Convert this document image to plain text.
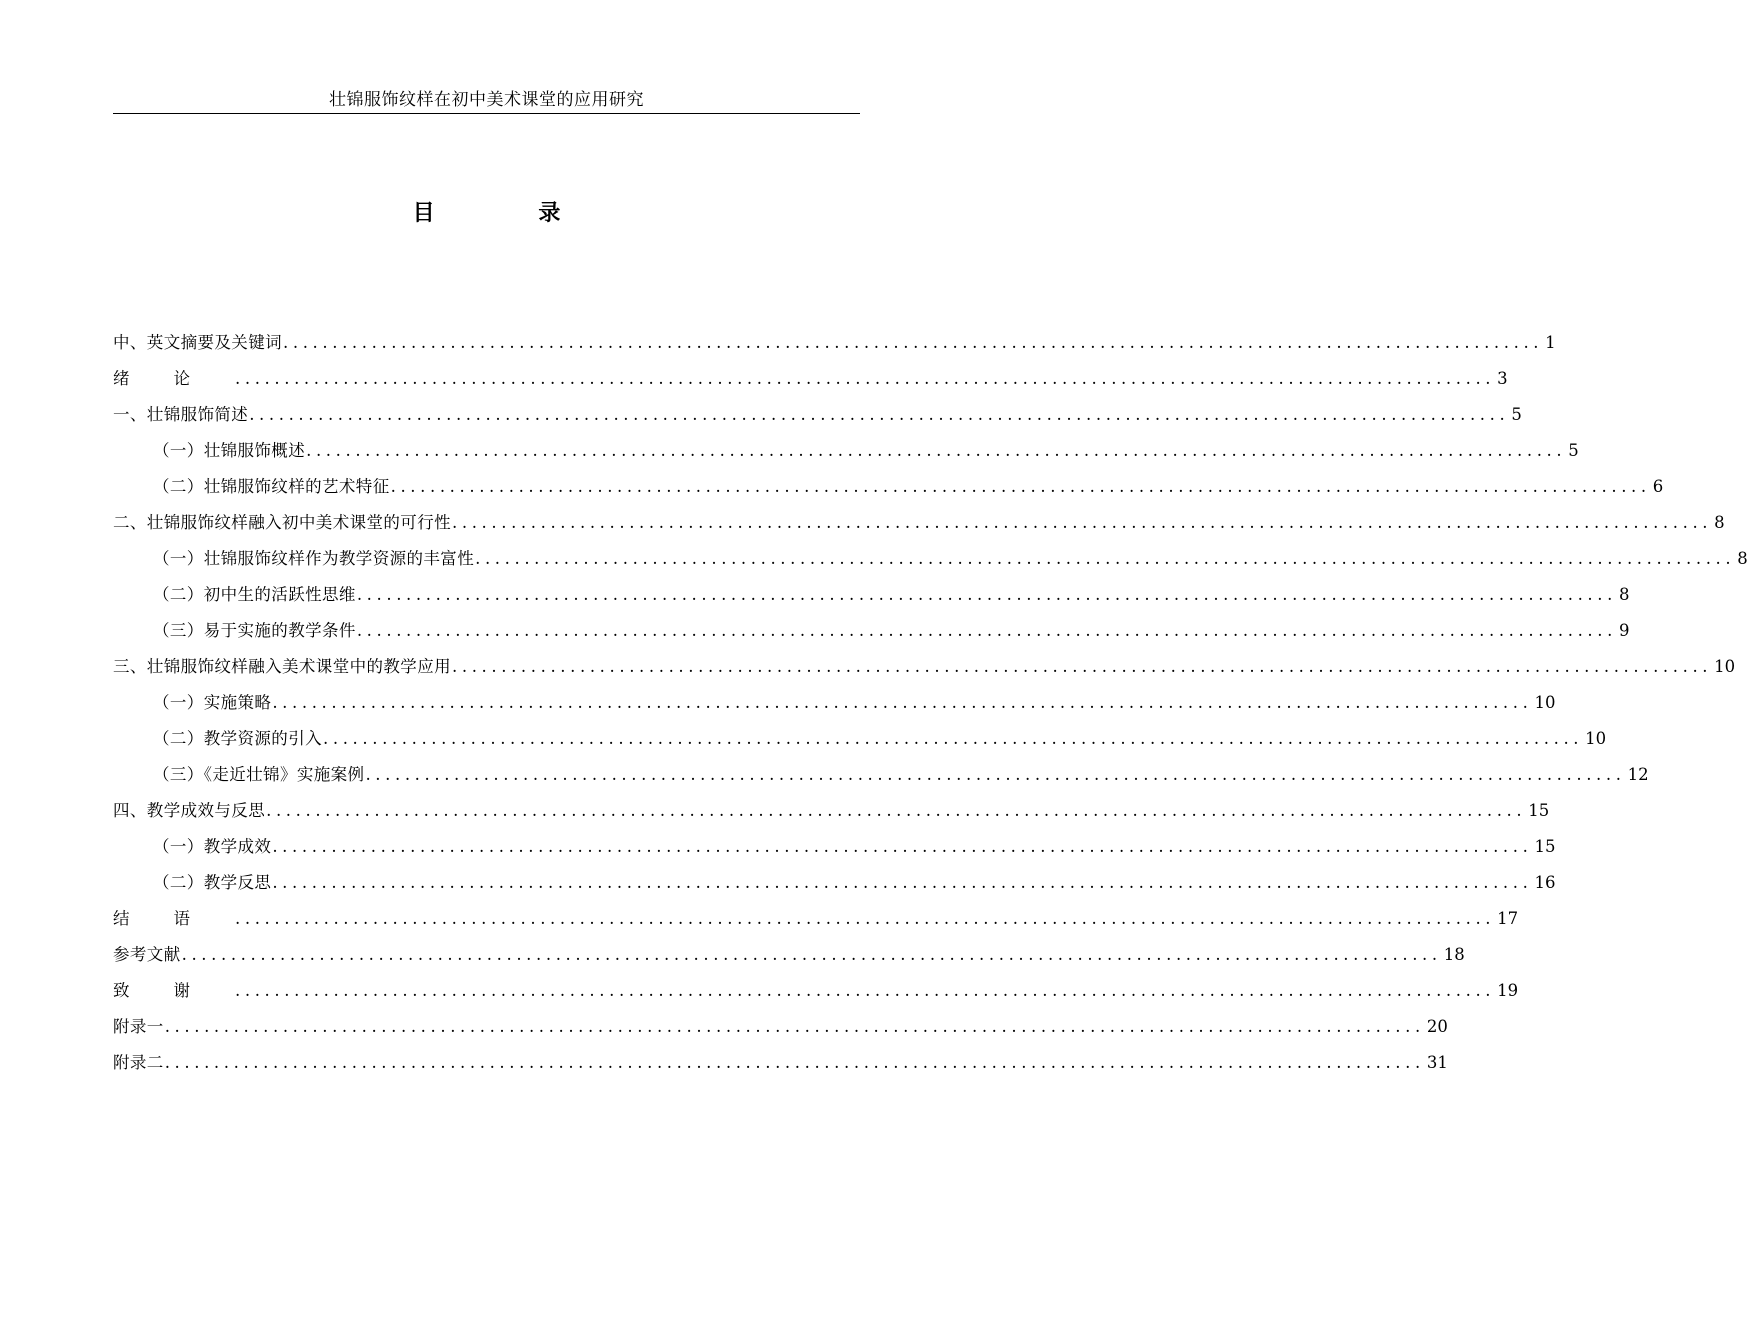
壮锦服饰纹样在初中美术课堂的应用研究
目 录
中、英文摘要及关键词 ................................................................................................................................ 1
绪论 ................................................................................................................................ 3
一、壮锦服饰简述 ................................................................................................................................ 5
（一）壮锦服饰概述 ................................................................................................................................ 5
（二）壮锦服饰纹样的艺术特征 ................................................................................................................................ 6
二、壮锦服饰纹样融入初中美术课堂的可行性 ................................................................................................................................ 8
（一）壮锦服饰纹样作为教学资源的丰富性 ................................................................................................................................ 8
（二）初中生的活跃性思维 ................................................................................................................................ 8
（三）易于实施的教学条件 ................................................................................................................................ 9
三、壮锦服饰纹样融入美术课堂中的教学应用 ................................................................................................................................ 10
（一）实施策略 ................................................................................................................................ 10
（二）教学资源的引入 ................................................................................................................................ 10
（三）《走近壮锦》实施案例 ................................................................................................................................ 12
四、教学成效与反思 ................................................................................................................................ 15
（一）教学成效 ................................................................................................................................ 15
（二）教学反思 ................................................................................................................................ 16
结语 ................................................................................................................................ 17
参考文献 ................................................................................................................................ 18
致谢 ................................................................................................................................ 19
附录一 ................................................................................................................................ 20
附录二 ................................................................................................................................ 31
